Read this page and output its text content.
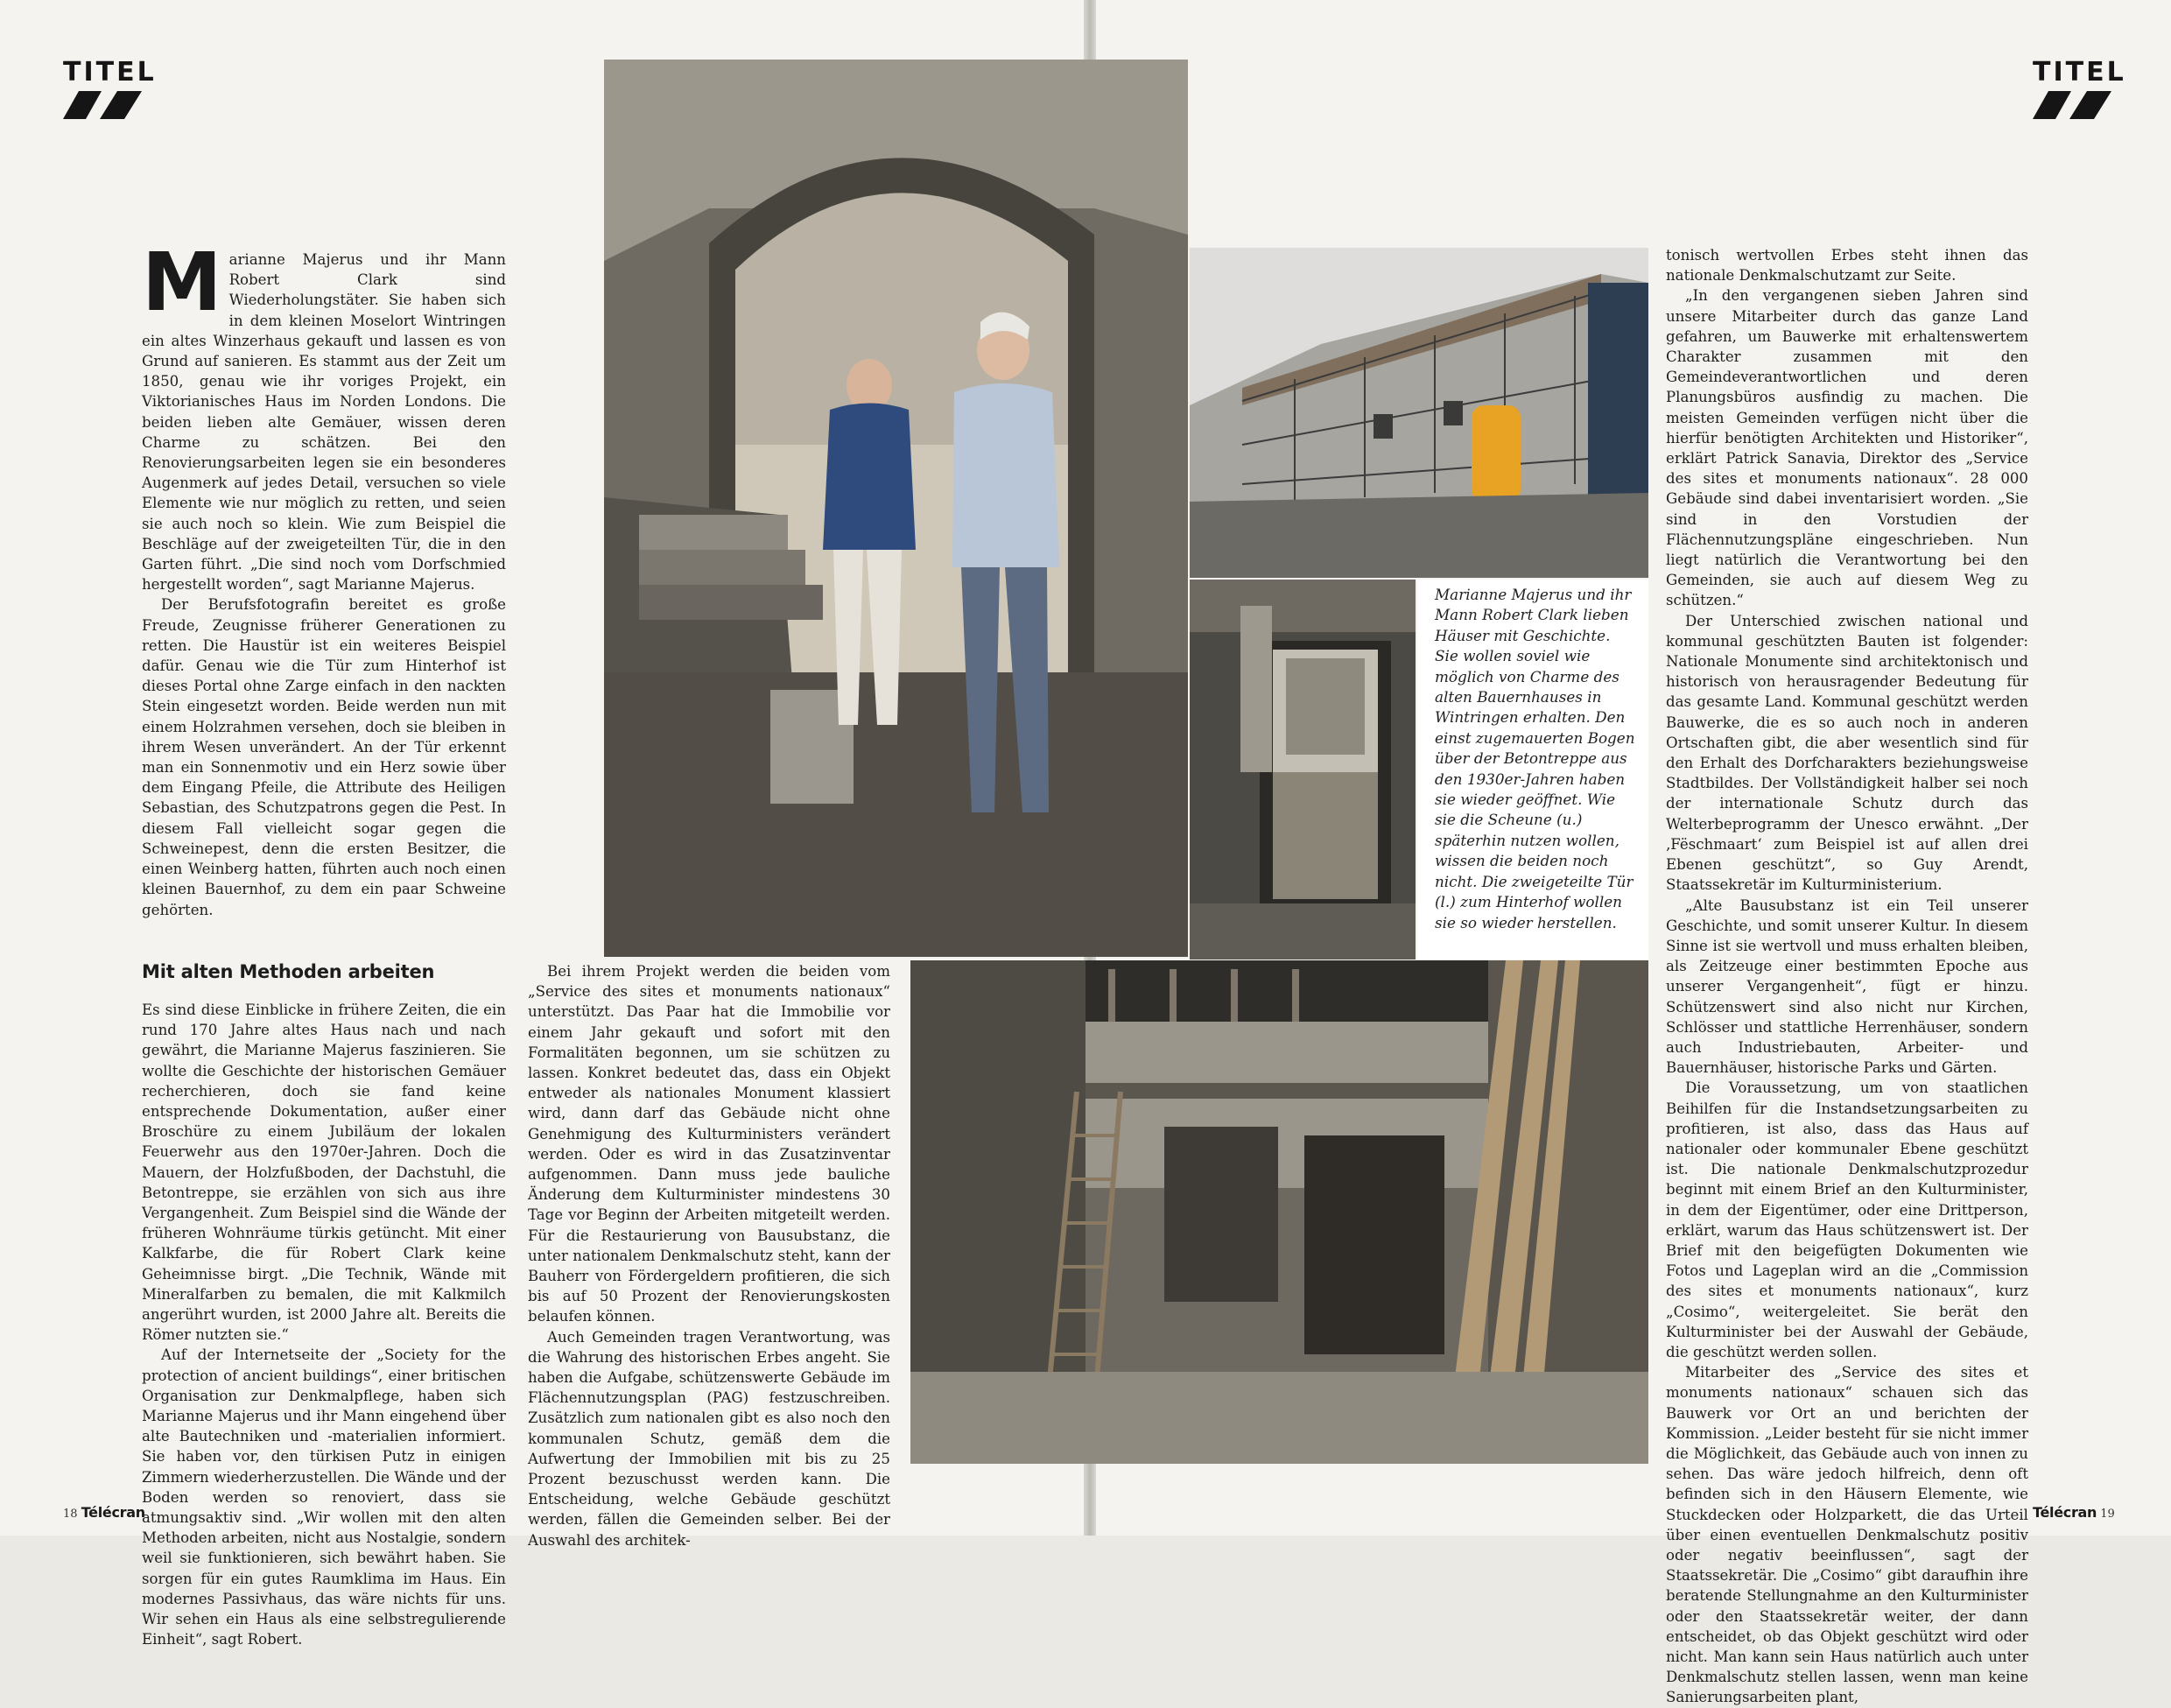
TITEL	TITEL

Marianne Majerus und ihr Mann Robert Clark sind Wiederholungstäter. Sie haben sich in dem kleinen Moselort Wintringen ein altes Winzerhaus gekauft und lassen es von Grund auf sanieren. Es stammt aus der Zeit um 1850, genau wie ihr voriges Projekt, ein Viktorianisches Haus im Norden Londons. Die beiden lieben alte Gemäuer, wissen deren Charme zu schätzen. Bei den Renovierungsarbeiten legen sie ein besonderes Augenmerk auf jedes Detail, versuchen so viele Elemente wie nur möglich zu retten, und seien sie auch noch so klein. Wie zum Beispiel die Beschläge auf der zweigeteilten Tür, die in den Garten führt. „Die sind noch vom Dorfschmied hergestellt worden“, sagt Marianne Majerus.

Der Berufsfotografin bereitet es große Freude, Zeugnisse früherer Generationen zu retten. Die Haustür ist ein weiteres Beispiel dafür. Genau wie die Tür zum Hinterhof ist dieses Portal ohne Zarge einfach in den nackten Stein eingesetzt worden. Beide werden nun mit einem Holzrahmen versehen, doch sie bleiben in ihrem Wesen unverändert. An der Tür erkennt man ein Sonnenmotiv und ein Herz sowie über dem Eingang Pfeile, die Attribute des Heiligen Sebastian, des Schutzpatrons gegen die Pest. In diesem Fall vielleicht sogar gegen die Schweinepest, denn die ersten Besitzer, die einen Weinberg hatten, führten auch noch einen kleinen Bauernhof, zu dem ein paar Schweine gehörten.

Mit alten Methoden arbeiten

Es sind diese Einblicke in frühere Zeiten, die ein rund 170 Jahre altes Haus nach und nach gewährt, die Marianne Majerus faszinieren. Sie wollte die Geschichte der historischen Gemäuer recherchieren, doch sie fand keine entsprechende Dokumentation, außer einer Broschüre zu einem Jubiläum der lokalen Feuerwehr aus den 1970er-Jahren. Doch die Mauern, der Holzfußboden, der Dachstuhl, die Betontreppe, sie erzählen von sich aus ihre Vergangenheit. Zum Beispiel sind die Wände der früheren Wohnräume türkis getüncht. Mit einer Kalkfarbe, die für Robert Clark keine Geheimnisse birgt. „Die Technik, Wände mit Mineralfarben zu bemalen, die mit Kalkmilch angerührt wurden, ist 2000 Jahre alt. Bereits die Römer nutzten sie.“

Auf der Internetseite der „Society for the protection of ancient buildings“, einer britischen Organisation zur Denkmalpflege, haben sich Marianne Majerus und ihr Mann eingehend über alte Bautechniken und -materialien informiert. Sie haben vor, den türkisen Putz in einigen Zimmern wiederherzustellen. Die Wände und der Boden werden so renoviert, dass sie atmungsaktiv sind. „Wir wollen mit den alten Methoden arbeiten, nicht aus Nostalgie, sondern weil sie funktionieren, sich bewährt haben. Sie sorgen für ein gutes Raumklima im Haus. Ein modernes Passivhaus, das wäre nichts für uns. Wir sehen ein Haus als eine selbstregulierende Einheit“, sagt Robert.

Marianne Majerus und ihr Mann Robert Clark lieben Häuser mit Geschichte. Sie wollen soviel wie möglich von Charme des alten Bauernhauses in Wintringen erhalten. Den einst zugemauerten Bogen über der Betontreppe aus den 1930er-Jahren haben sie wieder geöffnet. Wie sie die Scheune (u.) späterhin nutzen wollen, wissen die beiden noch nicht. Die zweigeteilte Tür (l.) zum Hinterhof wollen sie so wieder herstellen.

Bei ihrem Projekt werden die beiden vom „Service des sites et monuments nationaux“ unterstützt. Das Paar hat die Immobilie vor einem Jahr gekauft und sofort mit den Formalitäten begonnen, um sie schützen zu lassen. Konkret bedeutet das, dass ein Objekt entweder als nationales Monument klassiert wird, dann darf das Gebäude nicht ohne Genehmigung des Kulturministers verändert werden. Oder es wird in das Zusatzinventar aufgenommen. Dann muss jede bauliche Änderung dem Kulturminister mindestens 30 Tage vor Beginn der Arbeiten mitgeteilt werden. Für die Restaurierung von Bausubstanz, die unter nationalem Denkmalschutz steht, kann der Bauherr von Fördergeldern profitieren, die sich bis auf 50 Prozent der Renovierungskosten belaufen können.

Auch Gemeinden tragen Verantwortung, was die Wahrung des historischen Erbes angeht. Sie haben die Aufgabe, schützenswerte Gebäude im Flächennutzungsplan (PAG) festzuschreiben. Zusätzlich zum nationalen gibt es also noch den kommunalen Schutz, gemäß dem die Aufwertung der Immobilien mit bis zu 25 Prozent bezuschusst werden kann. Die Entscheidung, welche Gebäude geschützt werden, fällen die Gemeinden selber. Bei der Auswahl des architek-

tonisch wertvollen Erbes steht ihnen das nationale Denkmalschutzamt zur Seite.

„In den vergangenen sieben Jahren sind unsere Mitarbeiter durch das ganze Land gefahren, um Bauwerke mit erhaltenswertem Charakter zusammen mit den Gemeindeverantwortlichen und deren Planungsbüros ausfindig zu machen. Die meisten Gemeinden verfügen nicht über die hierfür benötigten Architekten und Historiker“, erklärt Patrick Sanavia, Direktor des „Service des sites et monuments nationaux“. 28 000 Gebäude sind dabei inventarisiert worden. „Sie sind in den Vorstudien der Flächennutzungspläne eingeschrieben. Nun liegt natürlich die Verantwortung bei den Gemeinden, sie auch auf diesem Weg zu schützen.“

Der Unterschied zwischen national und kommunal geschützten Bauten ist folgender: Nationale Monumente sind architektonisch und historisch von herausragender Bedeutung für das gesamte Land. Kommunal geschützt werden Bauwerke, die es so auch noch in anderen Ortschaften gibt, die aber wesentlich sind für den Erhalt des Dorfcharakters beziehungsweise Stadtbildes. Der Vollständigkeit halber sei noch der internationale Schutz durch das Welterbeprogramm der Unesco erwähnt. „Der ‚Fëschmaart‘ zum Beispiel ist auf allen drei Ebenen geschützt“, so Guy Arendt, Staatssekretär im Kulturministerium.

„Alte Bausubstanz ist ein Teil unserer Geschichte, und somit unserer Kultur. In diesem Sinne ist sie wertvoll und muss erhalten bleiben, als Zeitzeuge einer bestimmten Epoche aus unserer Vergangenheit“, fügt er hinzu. Schützenswert sind also nicht nur Kirchen, Schlösser und stattliche Herrenhäuser, sondern auch Industriebauten, Arbeiter- und Bauernhäuser, historische Parks und Gärten.

Die Voraussetzung, um von staatlichen Beihilfen für die Instandsetzungsarbeiten zu profitieren, ist also, dass das Haus auf nationaler oder kommunaler Ebene geschützt ist. Die nationale Denkmalschutzprozedur beginnt mit einem Brief an den Kulturminister, in dem der Eigentümer, oder eine Drittperson, erklärt, warum das Haus schützenswert ist. Der Brief mit den beigefügten Dokumenten wie Fotos und Lageplan wird an die „Commission des sites et monuments nationaux“, kurz „Cosimo“, weitergeleitet. Sie berät den Kulturminister bei der Auswahl der Gebäude, die geschützt werden sollen.

Mitarbeiter des „Service des sites et monuments nationaux“ schauen sich das Bauwerk vor Ort an und berichten der Kommission. „Leider besteht für sie nicht immer die Möglichkeit, das Gebäude auch von innen zu sehen. Das wäre jedoch hilfreich, denn oft befinden sich in den Häusern Elemente, wie Stuckdecken oder Holzparkett, die das Urteil über einen eventuellen Denkmalschutz positiv oder negativ beeinflussen“, sagt der Staatssekretär. Die „Cosimo“ gibt daraufhin ihre beratende Stellungnahme an den Kulturminister oder den Staatssekretär weiter, der dann entscheidet, ob das Objekt geschützt wird oder nicht. Man kann sein Haus natürlich auch unter Denkmalschutz stellen lassen, wenn man keine Sanierungsarbeiten plant,

18 Télécran	Télécran 19
